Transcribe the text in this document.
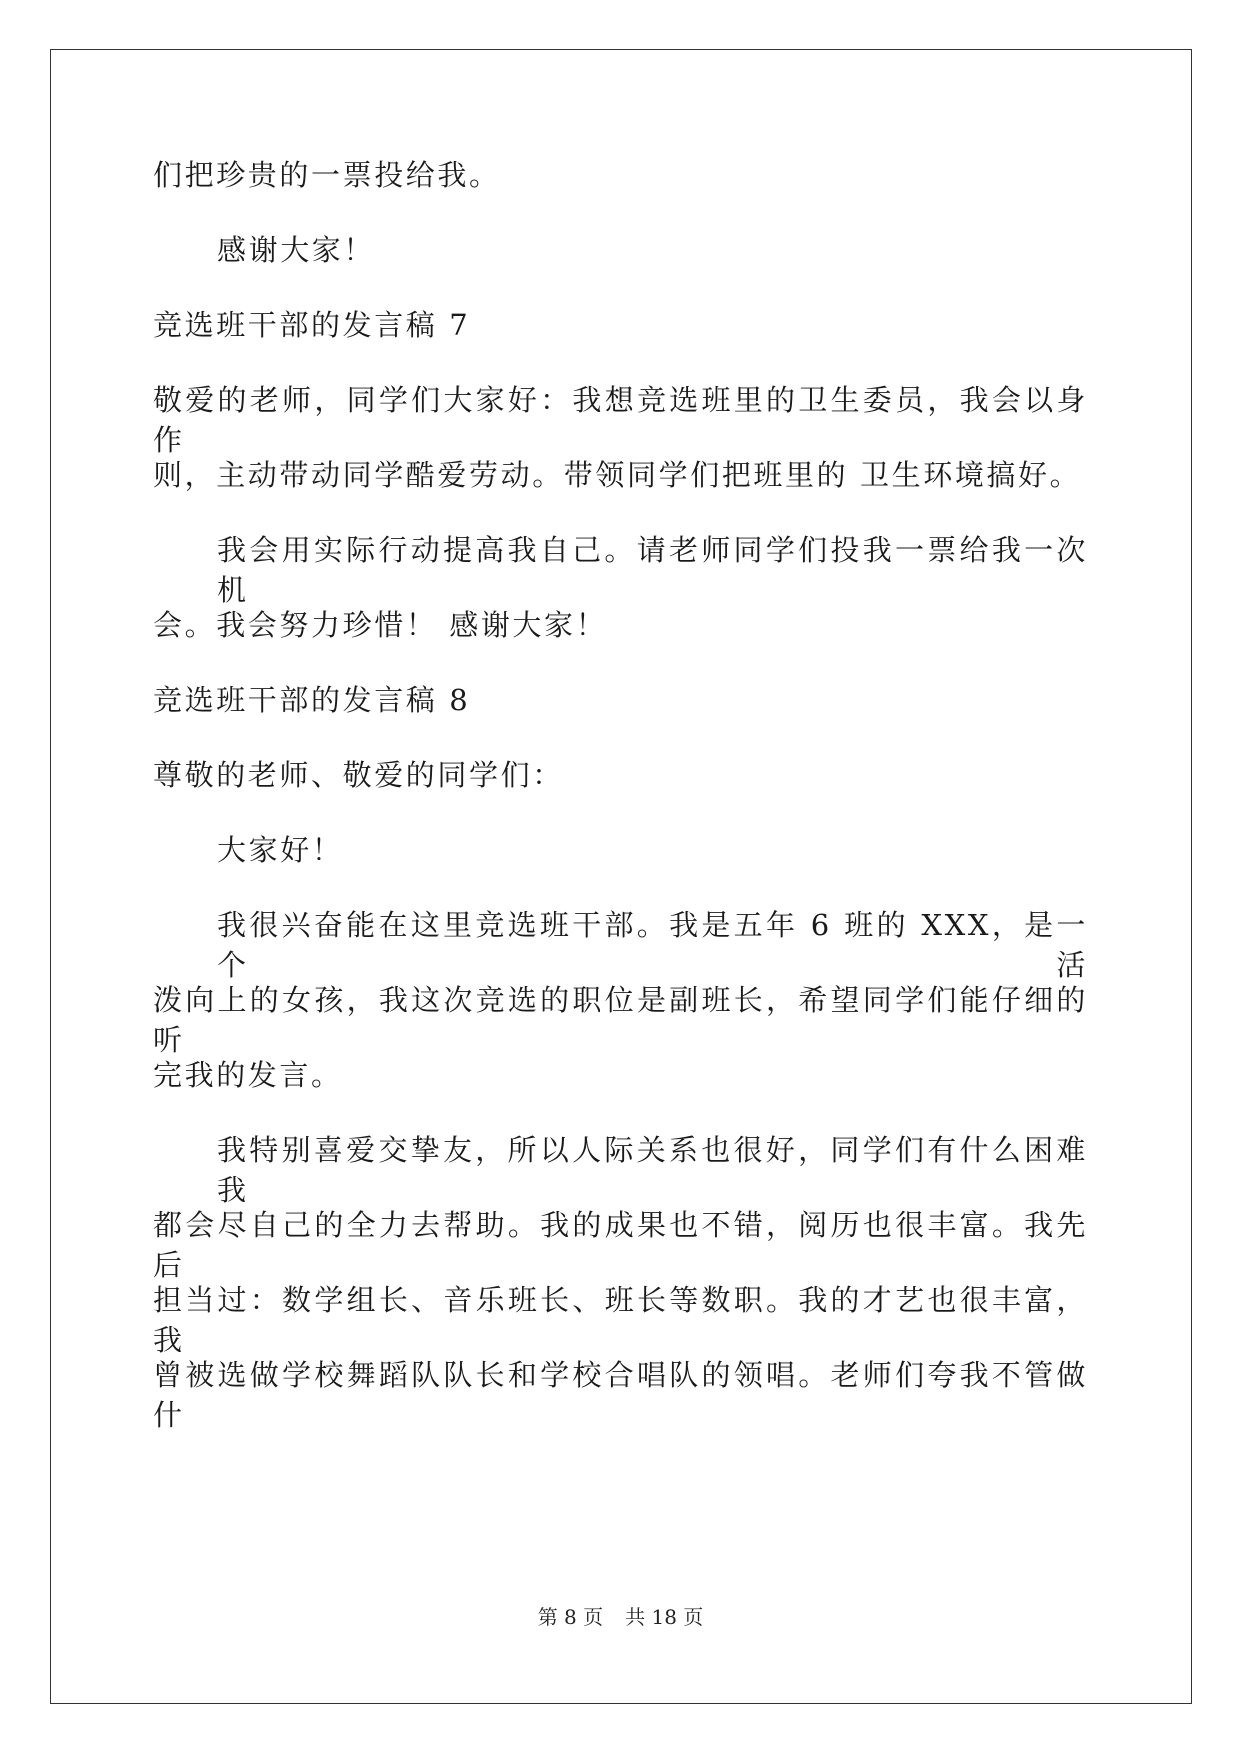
们把珍贵的一票投给我。
感谢大家！
竞选班干部的发言稿 7
敬爱的老师，同学们大家好：我想竞选班里的卫生委员，我会以身作
则，主动带动同学酷爱劳动。带领同学们把班里的 卫生环境搞好。
我会用实际行动提高我自己。请老师同学们投我一票给我一次机
会。我会努力珍惜！ 感谢大家！
竞选班干部的发言稿 8
尊敬的老师、敬爱的同学们：
大家好！
我很兴奋能在这里竞选班干部。我是五年 6 班的 XXX，是一个活
泼向上的女孩，我这次竞选的职位是副班长，希望同学们能仔细的听
完我的发言。
我特别喜爱交挚友，所以人际关系也很好，同学们有什么困难我
都会尽自己的全力去帮助。我的成果也不错，阅历也很丰富。我先后
担当过：数学组长、音乐班长、班长等数职。我的才艺也很丰富，我
曾被选做学校舞蹈队队长和学校合唱队的领唱。老师们夸我不管做什
第 8 页 共 18 页
